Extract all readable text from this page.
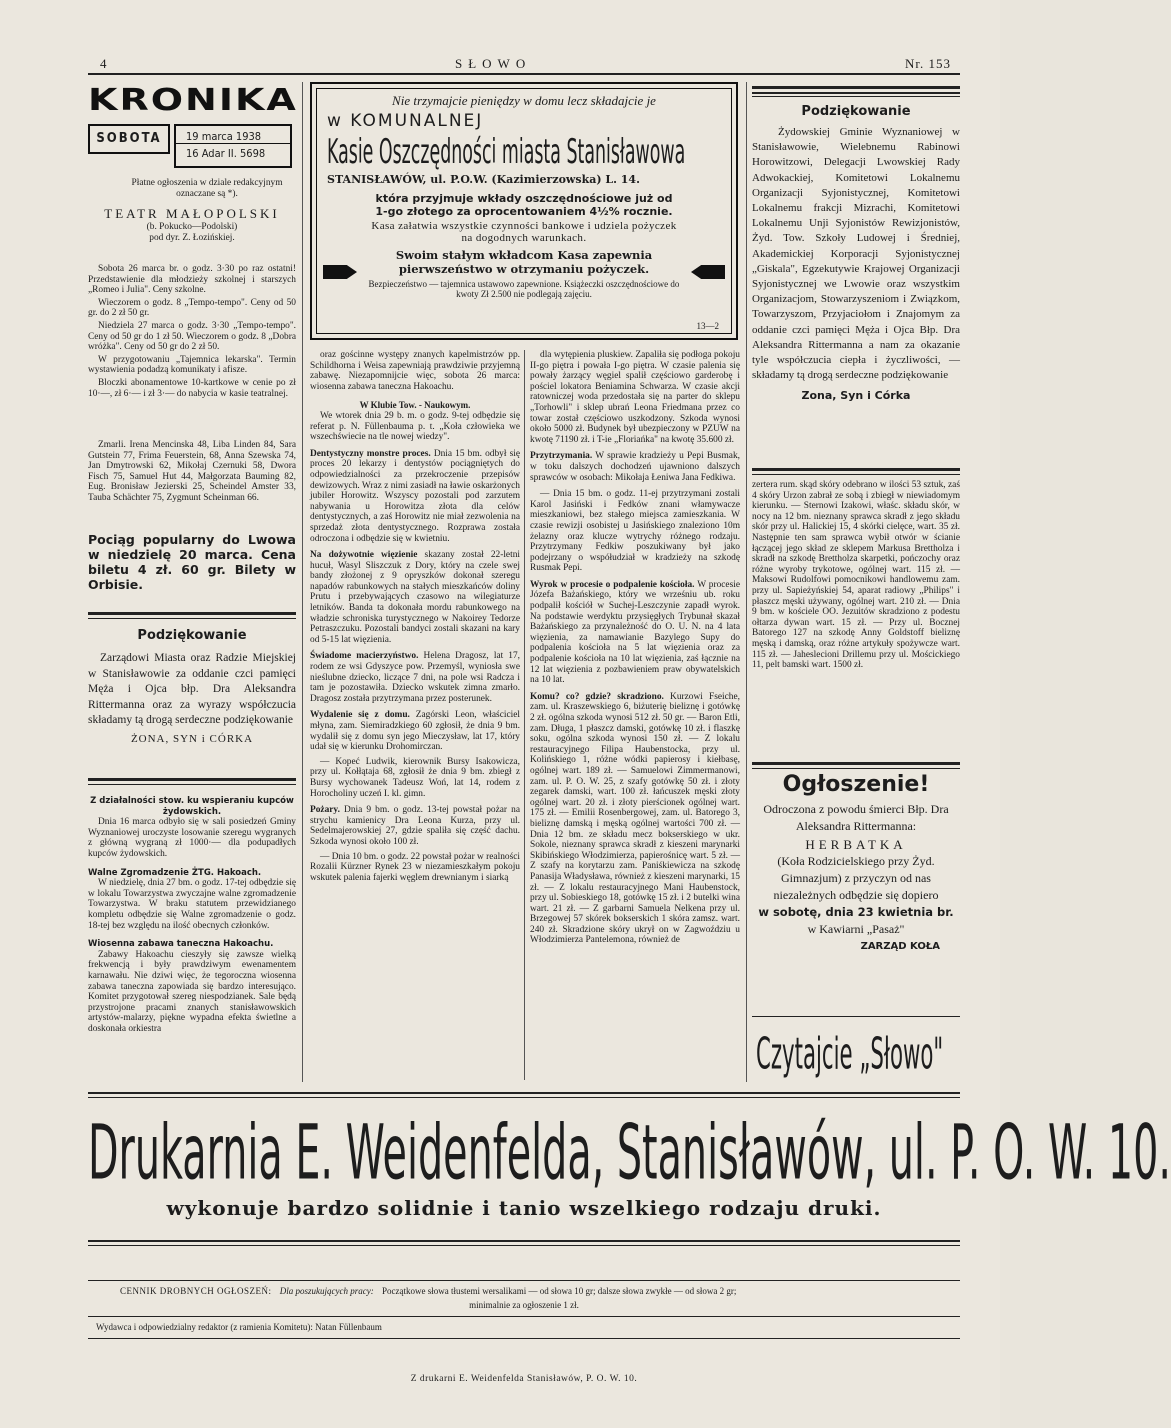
4	SŁOWO	Nr. 153
KRONIKA
SOBOTA	19 marca 1938
16 Adar II. 5698
Płatne ogłoszenia w dziale redakcyjnym oznaczane są *).
TEATR MAŁOPOLSKI
(b. Pokucko—Podolski)
pod dyr. Z. Łozińskiej.

Sobota 26 marca br. o godz. 3·30 po raz ostatni! Przedstawienie dla młodzieży szkolnej i starszych „Romeo i Julia". Ceny szkolne.

Wieczorem o godz. 8 „Tempo-tempo". Ceny od 50 gr. do 2 zł 50 gr.

Niedziela 27 marca o godz. 3·30 „Tempo-tempo". Ceny od 50 gr do 1 zł 50. Wieczorem o godz. 8 „Dobra wróżka". Ceny od 50 gr do 2 zł 50.

W przygotowaniu „Tajemnica lekarska". Termin wystawienia podadzą komunikaty i afisze.

Bloczki abonamentowe 10-kartkowe w cenie po zł 10·—, zł 6·— i zł 3·— do nabycia w kasie teatralnej.

Zmarli. Irena Mencinska 48, Liba Linden 84, Sara Gutstein 77, Frima Feuerstein, 68, Anna Szewska 74, Jan Dmytrowski 62, Mikołaj Czernuki 58, Dwora Fisch 75, Samuel Hut 44, Małgorzata Bauming 82, Eug. Bronisław Jezierski 25, Scheindel Amster 33, Tauba Schächter 75, Zygmunt Scheinman 66.

Pociąg popularny do Lwowa w niedzielę 20 marca. Cena biletu 4 zł. 60 gr. Bilety w Orbisie.
Podziękowanie
Zarządowi Miasta oraz Radzie Miejskiej w Stanisławowie za oddanie czci pamięci Męża i Ojca błp. Dra Aleksandra Rittermanna oraz za wyrazy współczucia składamy tą drogą serdeczne podziękowanie
ŻONA, SYN i CÓRKA
Z działalności stow. ku wspieraniu kupców żydowskich.

Dnia 16 marca odbyło się w sali posiedzeń Gminy Wyznaniowej uroczyste losowanie szeregu wygranych z główną wygraną zł 1000·— dla podupadłych kupców żydowskich.

Walne Zgromadzenie ŻTG. Hakoach.

W niedzielę, dnia 27 bm. o godz. 17-tej odbędzie się w lokalu Towarzystwa zwyczajne walne zgromadzenie Towarzystwa. W braku statutem przewidzianego kompletu odbędzie się Walne zgromadzenie o godz. 18-tej bez względu na ilość obecnych członków.

Wiosenna zabawa taneczna Hakoachu.

Zabawy Hakoachu cieszyły się zawsze wielką frekwencją i były prawdziwym ewenamentem karnawału. Nie dziwi więc, że tegoroczna wiosenna zabawa taneczna zapowiada się bardzo interesująco. Komitet przygotował szereg niespodzianek. Sale będą przystrojone pracami znanych stanisławowskich artystów-malarzy, piękne wypadna efekta świetlne a doskonała orkiestra

Nie trzymajcie pieniędzy w domu lecz składajcie je
w KOMUNALNEJ
Kasie Oszczędności miasta Stanisławowa
STANISŁAWÓW, ul. P.O.W. (Kazimierzowska) L. 14.
która przyjmuje wkłady oszczędnościowe już od
1-go złotego za oprocentowaniem 4½% rocznie.
Kasa załatwia wszystkie czynności bankowe i udziela pożyczek
na dogodnych warunkach.
Swoim stałym wkładcom Kasa zapewnia
pierwszeństwo w otrzymaniu pożyczek.
Bezpieczeństwo — tajemnica ustawowo zapewnione. Książeczki oszczędnościowe do kwoty Zł 2.500 nie podlegają zajęciu.
13—2

oraz gościnne występy znanych kapelmistrzów pp. Schildhorna i Weisa zapewniają prawdziwie przyjemną zabawę. Niezapomnijcie więc, sobota 26 marca: wiosenna zabawa taneczna Hakoachu.

W Klubie Tow. - Naukowym.

We wtorek dnia 29 b. m. o godz. 9-tej odbędzie się referat p. N. Füllenbauma p. t. „Koła człowieka we wszechświecie na tle nowej wiedzy".

Dentystyczny monstre proces. Dnia 15 bm. odbył się proces 20 lekarzy i dentystów pociągniętych do odpowiedzialności za przekroczenie przepisów dewizowych. Wraz z nimi zasiadł na ławie oskarżonych jubiler Horowitz. Wszyscy pozostali pod zarzutem nabywania u Horowitza złota dla celów dentystycznych, a zaś Horowitz nie miał zezwolenia na sprzedaż złota dentystycznego. Rozprawa została odroczona i odbędzie się w kwietniu.
Na dożywotnie więzienie skazany został 22-letni hucuł, Wasyl Sliszczuk z Dory, który na czele swej bandy złożonej z 9 opryszków dokonał szeregu napadów rabunkowych na stałych mieszkańców doliny Prutu i przebywających czasowo na wilegiaturze letników. Banda ta dokonała mordu rabunkowego na władzie schroniska turystycznego w Nakoirey Tedorze Petraszczuku. Pozostali bandyci zostali skazani na kary od 5-15 lat więzienia.
Świadome macierzyństwo. Helena Dragosz, lat 17, rodem ze wsi Gdyszyce pow. Przemyśl, wyniosła swe nieślubne dziecko, liczące 7 dni, na pole wsi Radcza i tam je pozostawiła. Dziecko wskutek zimna zmarło. Dragosz została przytrzymana przez posterunek.
Wydalenie się z domu. Zagórski Leon, właściciel młyna, zam. Siemiradzkiego 60 zgłosił, że dnia 9 bm. wydalił się z domu syn jego Mieczysław, lat 17, który udał się w kierunku Drohomirczan.

— Kopeć Ludwik, kierownik Bursy Isakowicza, przy ul. Kołłątaja 68, zgłosił że dnia 9 bm. zbiegł z Bursy wychowanek Tadeusz Woń, lat 14, rodem z Horocholiny uczeń I. kl. gimn.

Pożary. Dnia 9 bm. o godz. 13-tej powstał pożar na strychu kamienicy Dra Leona Kurza, przy ul. Sedelmajerowskiej 27, gdzie spaliła się część dachu. Szkoda wynosi około 100 zł.

— Dnia 10 bm. o godz. 22 powstał pożar w realności Rozalii Kürzner Rynek 23 w niezamieszkałym pokoju wskutek palenia fajerki węglem drewnianym i siarką

dla wytępienia pluskiew. Zapaliła się podłoga pokoju II-go piętra i powała I-go piętra. W czasie palenia się powały żarzący węgiel spalił częściowo garderobę i pościel lokatora Beniamina Schwarza. W czasie akcji ratowniczej woda przedostała się na parter do sklepu „Torhowli" i sklep ubrań Leona Friedmana przez co towar został częściowo uszkodzony. Szkoda wynosi około 5000 zł. Budynek był ubezpieczony w PZUW na kwotę 71190 zł. i T-ie „Floriańka" na kwotę 35.600 zł.

Przytrzymania. W sprawie kradzieży u Pepi Busmak, w toku dalszych dochodzeń ujawniono dalszych sprawców w osobach: Mikołaja Łeniwa Jana Fedkiwa.

— Dnia 15 bm. o godz. 11-ej przytrzymani zostali Karol Jasiński i Fedków znani włamywacze mieszkaniowi, bez stałego miejsca zamieszkania. W czasie rewizji osobistej u Jasińskiego znaleziono 10m żelazny oraz klucze wytrychy różnego rodzaju. Przytrzymany Fedkiw poszukiwany był jako podejrzany o współudział w kradzieży na szkodę Rusmak Pepi.

Wyrok w procesie o podpalenie kościoła. W procesie Józefa Bażańskiego, który we wrześniu ub. roku podpalił kościół w Suchej-Leszczynie zapadł wyrok. Na podstawie werdyktu przysięgłych Trybunał skazał Bażańskiego za przynależność do O. U. N. na 4 lata więzienia, za namawianie Bazylego Supy do podpalenia kościoła na 5 lat więzienia oraz za podpalenie kościoła na 10 lat więzienia, zaś łącznie na 12 lat więzienia z pozbawieniem praw obywatelskich na 10 lat.
Komu? co? gdzie? skradziono. Kurzowi Fseiche, zam. ul. Kraszewskiego 6, biżuterię bieliznę i gotówkę 2 zł. ogólna szkoda wynosi 512 zł. 50 gr. — Baron Etli, zam. Długa, 1 płaszcz damski, gotówkę 10 zł. i flaszkę soku, ogólna szkoda wynosi 150 zł. — Z lokalu restauracyjnego Filipa Haubenstocka, przy ul. Kolińskiego 1, różne wódki papierosy i kiełbasę, ogólnej wart. 189 zł. — Samuelowi Zimmermanowi, zam. ul. P. O. W. 25, z szafy gotówkę 50 zł. i złoty zegarek damski, wart. 100 zł. łańcuszek męski złoty ogólnej wart. 20 zł. i złoty pierścionek ogólnej wart. 175 zł. — Emilii Rosenbergowej, zam. ul. Batorego 3, bieliznę damską i męską ogólnej wartości 700 zł. — Dnia 12 bm. ze składu mecz bokserskiego w ukr. Sokole, nieznany sprawca skradł z kieszeni marynarki Skibińskiego Włodzimierza, papierośnicę wart. 5 zł. — Z szafy na korytarzu zam. Paniśkiewicza na szkodę Panasija Władysława, również z kieszeni marynarki, 15 zł. — Z lokalu restauracyjnego Mani Haubenstock, przy ul. Sobieskiego 18, gotówkę 15 zł. i 2 butelki wina wart. 21 zł. — Z garbarni Samuela Nelkena przy ul. Brzegowej 57 skórek bokserskich 1 skóra zamsz. wart. 240 zł. Skradzione skóry ukrył on w Zagwoździu u Włodzimierza Pantelemona, również de
Podziękowanie
Żydowskiej Gminie Wyznaniowej w Stanisławowie, Wielebnemu Rabinowi Horowitzowi, Delegacji Lwowskiej Rady Adwokackiej, Komitetowi Lokalnemu Organizacji Syjonistycznej, Komitetowi Lokalnemu frakcji Mizrachi, Komitetowi Lokalnemu Unji Syjonistów Rewizjonistów, Żyd. Tow. Szkoły Ludowej i Średniej, Akademickiej Korporacji Syjonistycznej „Giskala", Egzekutywie Krajowej Organizacji Syjonistycznej we Lwowie oraz wszystkim Organizacjom, Stowarzyszeniom i Związkom, Towarzyszom, Przyjaciołom i Znajomym za oddanie czci pamięci Męża i Ojca Błp. Dra Aleksandra Rittermanna a nam za okazanie tyle współczucia ciepła i życzliwości, — składamy tą drogą serdeczne podziękowanie
Zona, Syn i Córka

zertera rum. skąd skóry odebrano w ilości 53 sztuk, zaś 4 skóry Urzon zabrał ze sobą i zbiegł w niewiadomym kierunku. — Sternowi Izakowi, właśc. składu skór, w nocy na 12 bm. nieznany sprawca skradł z jego składu skór przy ul. Halickiej 15, 4 skórki cielęce, wart. 35 zł. Następnie ten sam sprawca wybił otwór w ścianie łączącej jego skład ze sklepem Markusa Brettholza i skradł na szkodę Brettholza skarpetki, pończochy oraz różne wyroby trykotowe, ogólnej wart. 115 zł. — Maksowi Rudolfowi pomocnikowi handlowemu zam. przy ul. Sapieżyńskiej 54, aparat radiowy „Philips" i płaszcz męski używany, ogólnej wart. 210 zł. — Dnia 9 bm. w kościele OO. Jezuitów skradziono z podestu ołtarza dywan wart. 15 zł. — Przy ul. Bocznej Batorego 127 na szkodę Anny Goldstoff bieliznę męską i damską, oraz różne artykuły spożywcze wart. 115 zł. — Jaheslecioni Drillemu przy ul. Mościckiego 11, pelt bamski wart. 1500 zł.

Ogłoszenie!
Odroczona z powodu śmierci Błp. Dra Aleksandra Rittermanna:
HERBATKA
(Koła Rodzicielskiego przy Żyd. Gimnazjum) z przyczyn od nas niezależnych odbędzie się dopiero
w sobotę, dnia 23 kwietnia br.
w Kawiarni „Pasaż"
ZARZĄD KOŁA
Czytajcie „Słowo"
Drukarnia E. Weidenfelda, Stanisławów, ul. P. O. W. 10.
wykonuje bardzo solidnie i tanio wszelkiego rodzaju druki.
CENNIK DROBNYCH OGŁOSZEŃ: Dla poszukujących pracy: Początkowe słowa tłustemi wersalikami — od słowa 10 gr; dalsze słowa zwykłe — od słowa 2 gr;
minimalnie za ogłoszenie 1 zł.
Wydawca i odpowiedzialny redaktor (z ramienia Komitetu): Natan Füllenbaum
Z drukarni E. Weidenfelda Stanisławów, P. O. W. 10.
